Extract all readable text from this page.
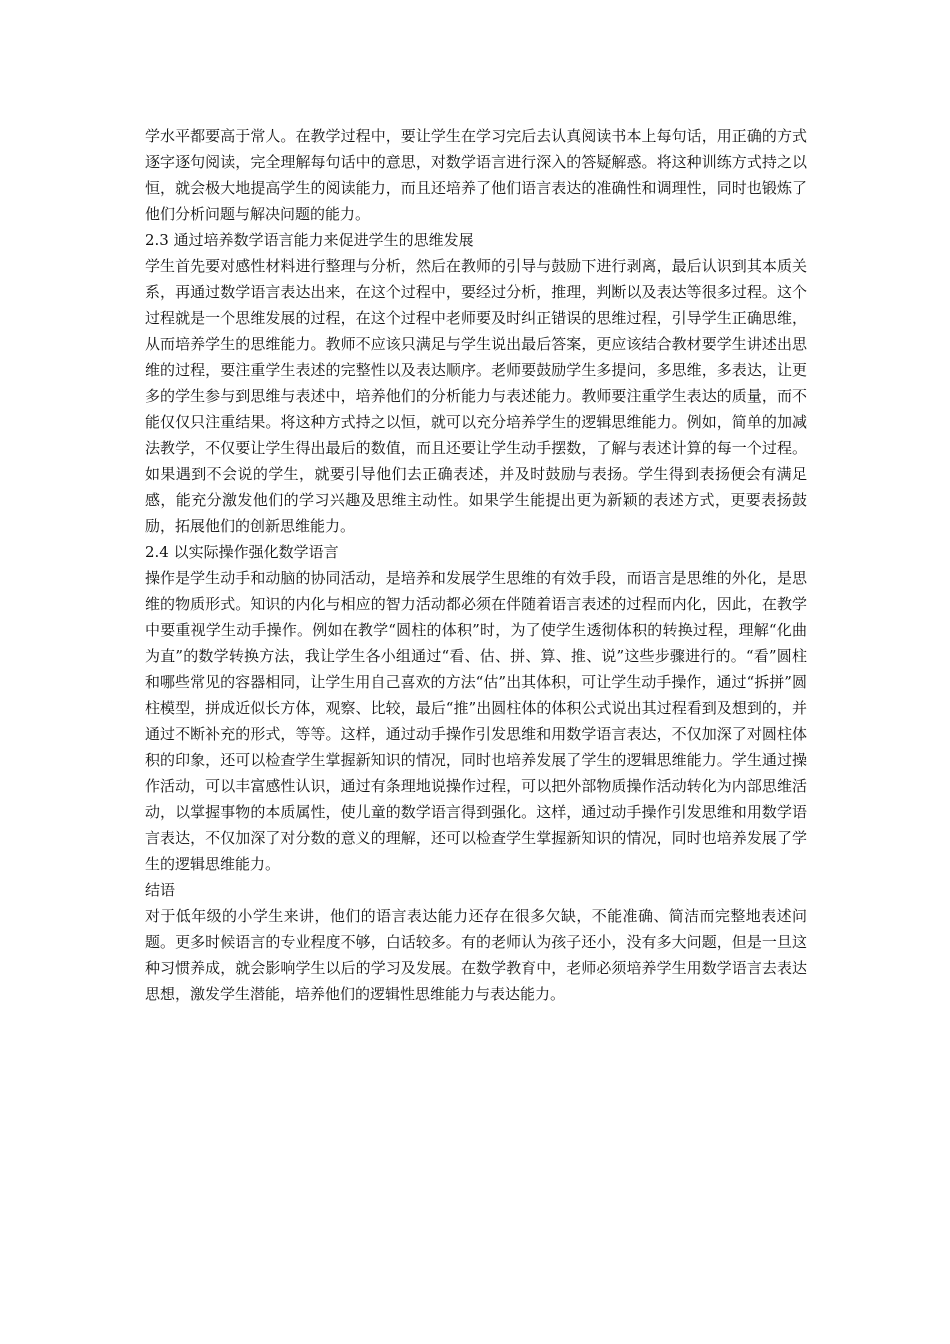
学水平都要高于常人。在教学过程中，要让学生在学习完后去认真阅读书本上每句话，用正确的方式逐字逐句阅读，完全理解每句话中的意思，对数学语言进行深入的答疑解惑。将这种训练方式持之以恒，就会极大地提高学生的阅读能力，而且还培养了他们语言表达的准确性和调理性，同时也锻炼了他们分析问题与解决问题的能力。

2.3 通过培养数学语言能力来促进学生的思维发展

学生首先要对感性材料进行整理与分析，然后在教师的引导与鼓励下进行剥离，最后认识到其本质关系，再通过数学语言表达出来，在这个过程中，要经过分析，推理，判断以及表达等很多过程。这个过程就是一个思维发展的过程，在这个过程中老师要及时纠正错误的思维过程，引导学生正确思维，从而培养学生的思维能力。教师不应该只满足与学生说出最后答案，更应该结合教材要学生讲述出思维的过程，要注重学生表述的完整性以及表达顺序。老师要鼓励学生多提问，多思维，多表达，让更多的学生参与到思维与表述中，培养他们的分析能力与表述能力。教师要注重学生表达的质量，而不能仅仅只注重结果。将这种方式持之以恒，就可以充分培养学生的逻辑思维能力。例如，简单的加减法教学，不仅要让学生得出最后的数值，而且还要让学生动手摆数，了解与表述计算的每一个过程。如果遇到不会说的学生，就要引导他们去正确表述，并及时鼓励与表扬。学生得到表扬便会有满足感，能充分激发他们的学习兴趣及思维主动性。如果学生能提出更为新颖的表述方式，更要表扬鼓励，拓展他们的创新思维能力。

2.4 以实际操作强化数学语言

操作是学生动手和动脑的协同活动，是培养和发展学生思维的有效手段，而语言是思维的外化，是思维的物质形式。知识的内化与相应的智力活动都必须在伴随着语言表述的过程而内化，因此，在教学中要重视学生动手操作。例如在教学“圆柱的体积”时，为了使学生透彻体积的转换过程，理解“化曲为直”的数学转换方法，我让学生各小组通过“看、估、拼、算、推、说”这些步骤进行的。“看”圆柱和哪些常见的容器相同，让学生用自己喜欢的方法“估”出其体积，可让学生动手操作，通过“拆拼”圆柱模型，拼成近似长方体，观察、比较，最后“推”出圆柱体的体积公式说出其过程看到及想到的，并通过不断补充的形式，等等。这样，通过动手操作引发思维和用数学语言表达，不仅加深了对圆柱体积的印象，还可以检查学生掌握新知识的情况，同时也培养发展了学生的逻辑思维能力。学生通过操作活动，可以丰富感性认识，通过有条理地说操作过程，可以把外部物质操作活动转化为内部思维活动，以掌握事物的本质属性，使儿童的数学语言得到强化。这样，通过动手操作引发思维和用数学语言表达，不仅加深了对分数的意义的理解，还可以检查学生掌握新知识的情况，同时也培养发展了学生的逻辑思维能力。

结语

对于低年级的小学生来讲，他们的语言表达能力还存在很多欠缺，不能准确、简洁而完整地表述问题。更多时候语言的专业程度不够，白话较多。有的老师认为孩子还小，没有多大问题，但是一旦这种习惯养成，就会影响学生以后的学习及发展。在数学教育中，老师必须培养学生用数学语言去表达思想，激发学生潜能，培养他们的逻辑性思维能力与表达能力。
